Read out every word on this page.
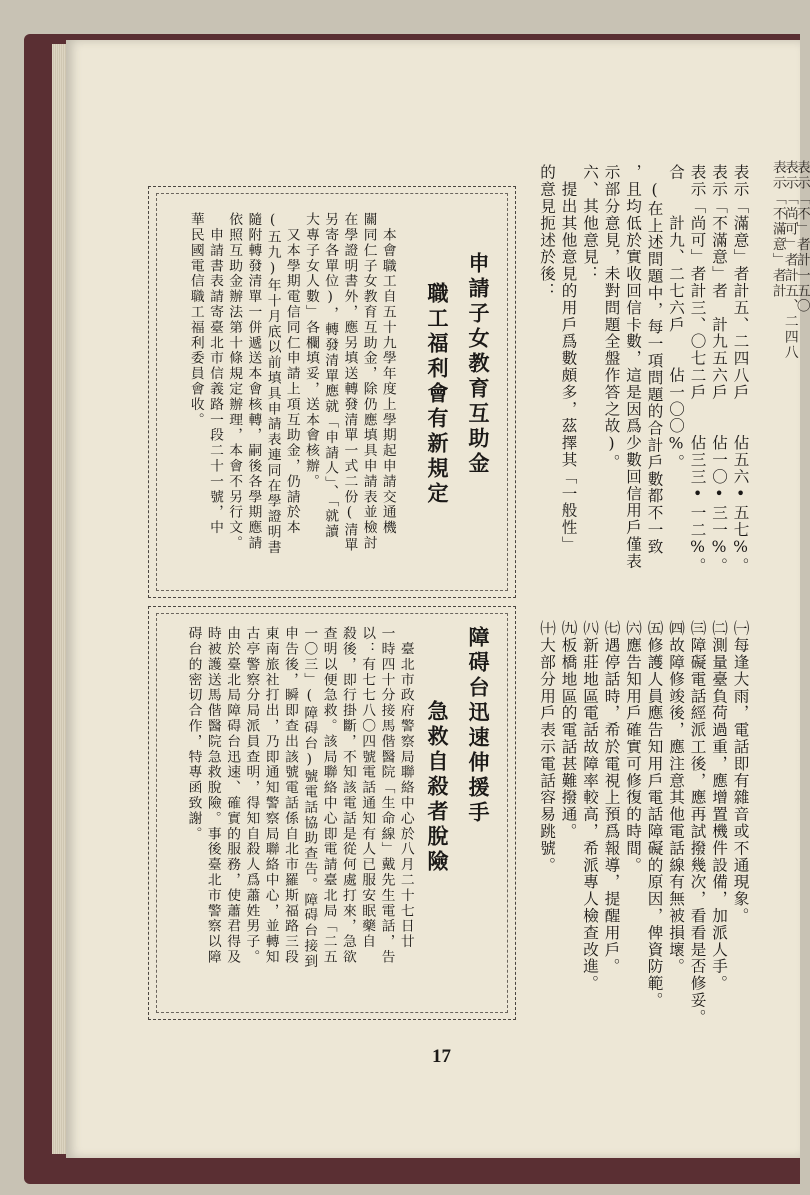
表示「不滿意」者計
表示「尚可」者計五、二四八
表示「不」者計一五〇
17
表示「滿意」者計五、二四八戶　　佔五六•五七%。
表示「不滿意」者　計九五六戶　　佔一〇•三一%。
表示「尚可」者計三、〇七二戶　　佔三三•一二%。
合　　計九、二七六戶　　佔一〇〇%。
　(在上述問題中，每一項問題的合計戶數都不一致
，且均低於實收回信卡數，這是因爲少數回信用戶僅表
示部分意見，未對問題全盤作答之故)。
六、其他意見：
　提出其他意見的用戶爲數頗多，茲擇其「一般性」
的意見扼述於後：
㈠每逢大雨，電話即有雜音或不通現象。
㈡測量臺負荷過重，應增置機件設備，加派人手。
㈢障礙電話經派工後，應再試撥幾次，看看是否修妥。
㈣故障修竣後，應注意其他電話線有無被損壞。
㈤修護人員應告知用戶電話障礙的原因，俾資防範。
㈥應告知用戶確實可修復的時間。
㈦遇停話時，希於電視上預爲報導，提醒用戶。
㈧新莊地區電話故障率較高，希派專人檢查改進。
㈨板橋地區的電話甚難撥通。
㈩大部分用戶表示電話容易跳號。
申請子女教育互助金
職工福利會有新規定
　本會職工自五十九學年度上學期起申請交通機
關同仁子女教育互助金，除仍應填具申請表並檢討
在學證明書外，應另填送轉發清單一式二份(清單
另寄各單位)，轉發清單應就「申請人」、「就讀
大專子女人數」各欄填妥，送本會核辦。
　又本學期電信同仁申請上項互助金，仍請於本
(五九)年十月底以前填具申請表連同在學證明書
隨附轉發清單一併遞送本會核轉，嗣後各學期應請
依照互助金辦法第十條規定辦理，本會不另行文。
　申請書表請寄臺北市信義路一段二十一號，中
華民國電信職工福利委員會收。
障碍台迅速伸援手
急救自殺者脫險
　臺北市政府警察局聯絡中心於八月二十七日廿
一時四十分接馬偕醫院「生命線」戴先生電話，告
以：有七七八〇四號電話通知有人已服安眠藥自
殺後，即行掛斷，不知該電話是從何處打來，急欲
查明以便急救。該局聯絡中心即電請臺北局「二五
一〇三」(障碍台)號電話協助查告。障碍台接到
申告後，瞬即查出該號電話係自北市羅斯福路三段
東南旅社打出，乃即通知警察局聯絡中心，並轉知
古亭警察分局派員查明，得知自殺人爲蕭姓男子。
由於臺北局障碍台迅速、確實的服務，使蕭君得及
時被護送馬偕醫院急救脫險。事後臺北市警察以障
碍台的密切合作，特專函致謝。
